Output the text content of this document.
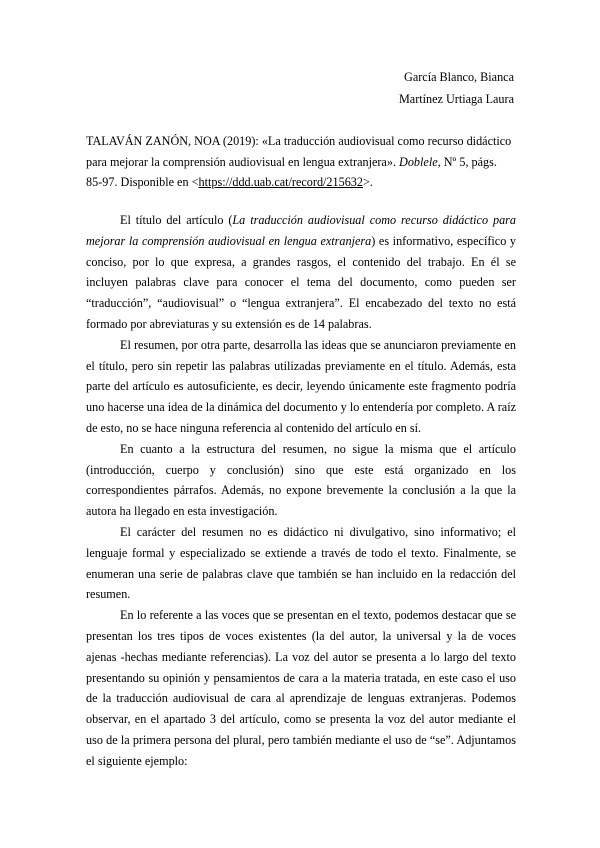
García Blanco, Bianca
Martínez Urtiaga Laura
TALAVÁN ZANÓN, NOA (2019): «La traducción audiovisual como recurso didáctico para mejorar la comprensión audiovisual en lengua extranjera». Doblele, Nº 5, págs. 85-97. Disponible en <https://ddd.uab.cat/record/215632>.

El título del artículo (La traducción audiovisual como recurso didáctico para mejorar la comprensión audiovisual en lengua extranjera) es informativo, específico y conciso, por lo que expresa, a grandes rasgos, el contenido del trabajo. En él se incluyen palabras clave para conocer el tema del documento, como pueden ser “traducción”, “audiovisual” o “lengua extranjera”. El encabezado del texto no está formado por abreviaturas y su extensión es de 14 palabras.

El resumen, por otra parte, desarrolla las ideas que se anunciaron previamente en el título, pero sin repetir las palabras utilizadas previamente en el título. Además, esta parte del artículo es autosuficiente, es decir, leyendo únicamente este fragmento podría uno hacerse una idea de la dinámica del documento y lo entendería por completo. A raíz de esto, no se hace ninguna referencia al contenido del artículo en sí.

En cuanto a la estructura del resumen, no sigue la misma que el artículo (introducción, cuerpo y conclusión) sino que este está organizado en los correspondientes párrafos. Además, no expone brevemente la conclusión a la que la autora ha llegado en esta investigación.

El carácter del resumen no es didáctico ni divulgativo, sino informativo; el lenguaje formal y especializado se extiende a través de todo el texto. Finalmente, se enumeran una serie de palabras clave que también se han incluido en la redacción del resumen.

En lo referente a las voces que se presentan en el texto, podemos destacar que se presentan los tres tipos de voces existentes (la del autor, la universal y la de voces ajenas -hechas mediante referencias). La voz del autor se presenta a lo largo del texto presentando su opinión y pensamientos de cara a la materia tratada, en este caso el uso de la traducción audiovisual de cara al aprendizaje de lenguas extranjeras. Podemos observar, en el apartado 3 del artículo, como se presenta la voz del autor mediante el uso de la primera persona del plural, pero también mediante el uso de “se”. Adjuntamos el siguiente ejemplo:
